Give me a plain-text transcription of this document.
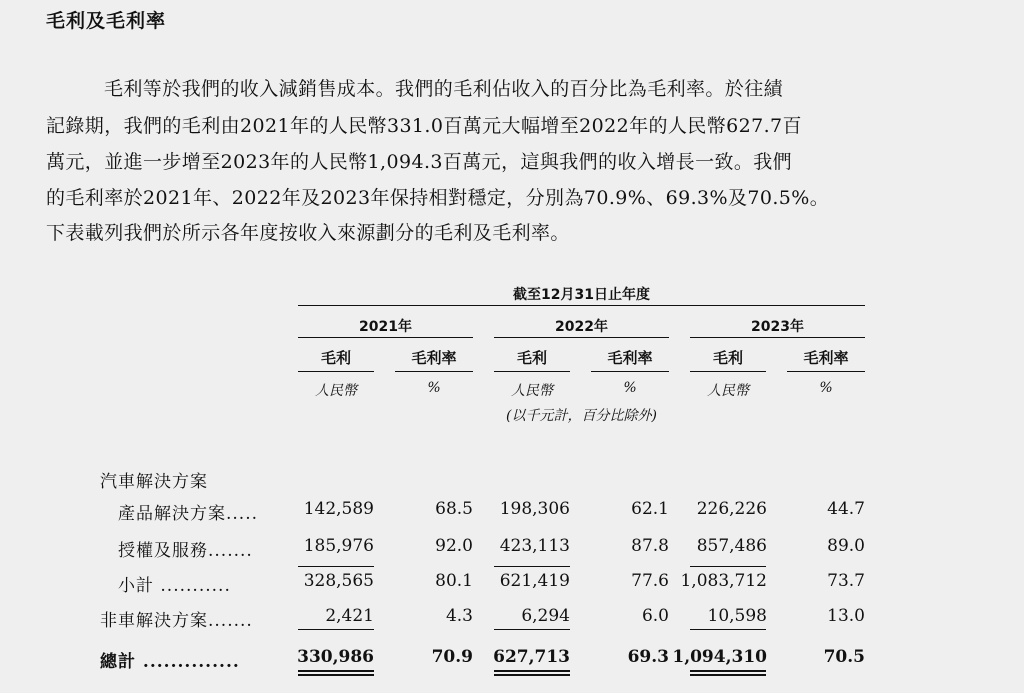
毛利及毛利率
毛利等於我們的收入減銷售成本。我們的毛利佔收入的百分比為毛利率。於往績
記錄期，我們的毛利由2021年的人民幣331.0百萬元大幅增至2022年的人民幣627.7百
萬元，並進一步增至2023年的人民幣1,094.3百萬元，這與我們的收入增長一致。我們
的毛利率於2021年、2022年及2023年保持相對穩定，分別為70.9%、69.3%及70.5%。
下表載列我們於所示各年度按收入來源劃分的毛利及毛利率。
截至12月31日止年度
2021年	2022年	2023年
毛利	毛利率	毛利	毛利率	毛利	毛利率
人民幣	%	人民幣	%	人民幣	%
(以千元計，百分比除外)
汽車解決方案
產品解決方案.....	142,589	68.5	198,306	62.1	226,226	44.7
授權及服務.......	185,976	92.0	423,113	87.8	857,486	89.0
小計 ...........	328,565	80.1	621,419	77.6 1,083,712	73.7
非車解決方案.......	2,421	4.3	6,294	6.0	10,598	13.0
總計 ..............	330,986	70.9	627,713	69.3 1,094,310	70.5
